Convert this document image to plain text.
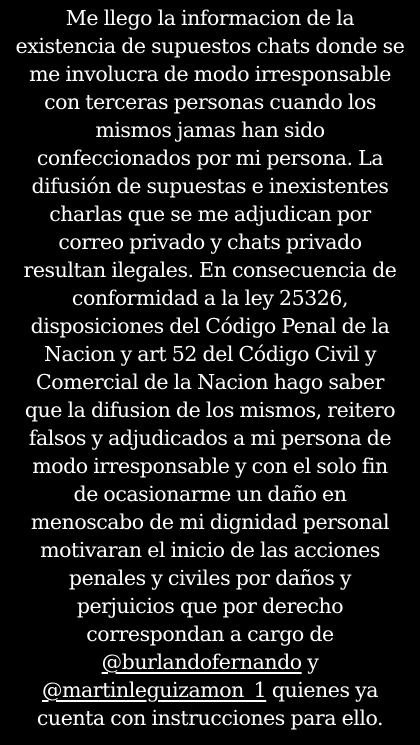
Me llego la informacion de la
existencia de supuestos chats donde se
me involucra de modo irresponsable
con terceras personas cuando los
mismos jamas han sido
confeccionados por mi persona. La
difusión de supuestas e inexistentes
charlas que se me adjudican por
correo privado y chats privado
resultan ilegales. En consecuencia de
conformidad a la ley 25326,
disposiciones del Código Penal de la
Nacion y art 52 del Código Civil y
Comercial de la Nacion hago saber
que la difusion de los mismos, reitero
falsos y adjudicados a mi persona de
modo irresponsable y con el solo fin
de ocasionarme un daño en
menoscabo de mi dignidad personal
motivaran el inicio de las acciones
penales y civiles por daños y
perjuicios que por derecho
correspondan a cargo de
@burlandofernando y
@martinleguizamon_1 quienes ya
cuenta con instrucciones para ello.
